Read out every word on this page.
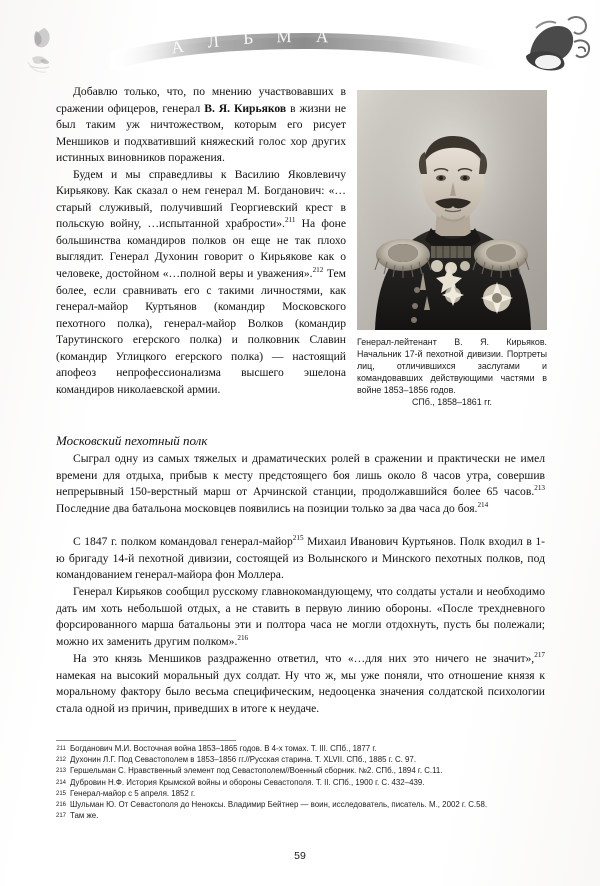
АЛЬМА

Добавлю только, что, по мнению участвовавших в сражении офицеров, генерал В. Я. Кирьяков в жизни не был таким уж ничтожеством, которым его рисует Меншиков и подхвативший княжеский голос хор других истинных виновников поражения.

Будем и мы справедливы к Василию Яковлевичу Кирьякову. Как сказал о нем генерал М. Богданович: «…старый служивый, получивший Георгиевский крест в польскую войну, …испытанной храбрости».$^{211}$ На фоне большинства командиров полков он еще не так плохо выглядит. Генерал Духонин говорит о Кирьякове как о человеке, достойном «…полной веры и уважения».$^{212}$ Тем более, если сравнивать его с такими личностями, как генерал-майор Куртьянов (командир Московского пехотного полка), генерал-майор Волков (командир Тарутинского егерского полка) и полковник Славин (командир Углицкого егерского полка) — настоящий апофеоз непрофессионализма высшего эшелона командиров николаевской армии.

Генерал-лейтенант В. Я. Кирьяков. Начальник 17-й пехотной дивизии. Портреты лиц, отличившихся заслугами и командовавших действующими частями в войне 1853–1856 годов.
СПб., 1858–1861 гг.
Московский пехотный полк

Сыграл одну из самых тяжелых и драматических ролей в сражении и практически не имел времени для отдыха, прибыв к месту предстоящего боя лишь около 8 часов утра, совершив непрерывный 150-верстный марш от Арчинской станции, продолжавшийся более 65 часов.$^{213}$ Последние два батальона московцев появились на позиции только за два часа до боя.$^{214}$

С 1847 г. полком командовал генерал-майор$^{215}$ Михаил Иванович Куртьянов. Полк входил в 1-ю бригаду 14-й пехотной дивизии, состоящей из Волынского и Минского пехотных полков, под командованием генерал-майора фон Моллера.

Генерал Кирьяков сообщил русскому главнокомандующему, что солдаты устали и необходимо дать им хоть небольшой отдых, а не ставить в первую линию обороны. «После трехдневного форсированного марша батальоны эти и полтора часа не могли отдохнуть, пусть бы полежали; можно их заменить другим полком».$^{216}$

На это князь Меншиков раздраженно ответил, что «…для них это ничего не значит»,$^{217}$ намекая на высокий моральный дух солдат. Ну что ж, мы уже поняли, что отношение князя к моральному фактору было весьма специфическим, недооценка значения солдатской психологии стала одной из причин, приведших в итоге к неудаче.

211 Богданович М.И. Восточная война 1853–1865 годов. В 4-х томах. Т. III. СПб., 1877 г.
212 Духонин Л.Г. Под Севастополем в 1853–1856 гг.//Русская старина. Т. XLVII. СПб., 1885 г. С. 97.
213 Гершельман С. Нравственный элемент под Севастополем//Военный сборник. №2. СПб., 1894 г. С.11.
214 Дубровин Н.Ф. История Крымской войны и обороны Севастополя. Т. II. СПб., 1900 г. С. 432–439.
215 Генерал-майор с 5 апреля. 1852 г.
216 Шульман Ю. От Севастополя до Неноксы. Владимир Бейтнер — воин, исследователь, писатель. М., 2002 г. С.58.
217 Там же.
59
